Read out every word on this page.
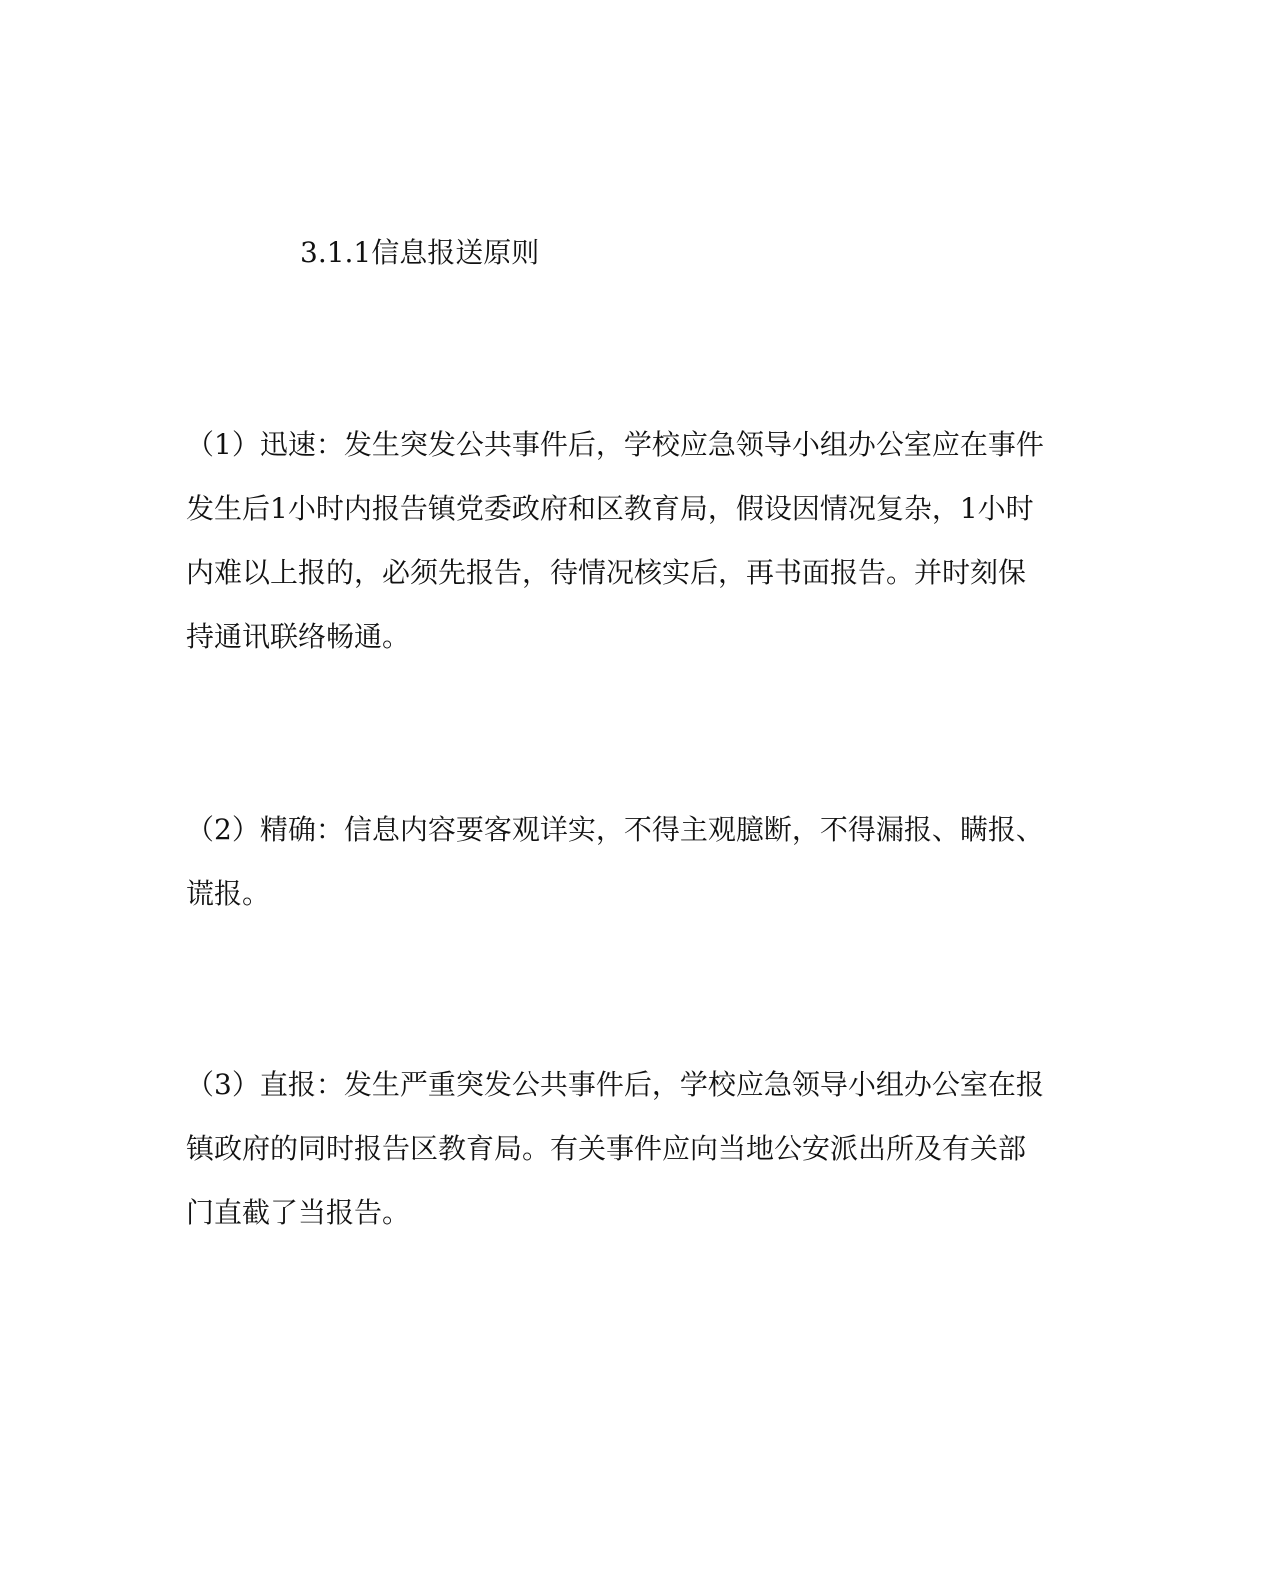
3.1.1信息报送原则
（1）迅速：发生突发公共事件后，学校应急领导小组办公室应在事件
发生后1小时内报告镇党委政府和区教育局，假设因情况复杂，1小时
内难以上报的，必须先报告，待情况核实后，再书面报告。并时刻保
持通讯联络畅通。
（2）精确：信息内容要客观详实，不得主观臆断，不得漏报、瞒报、
谎报。
（3）直报：发生严重突发公共事件后，学校应急领导小组办公室在报
镇政府的同时报告区教育局。有关事件应向当地公安派出所及有关部
门直截了当报告。
